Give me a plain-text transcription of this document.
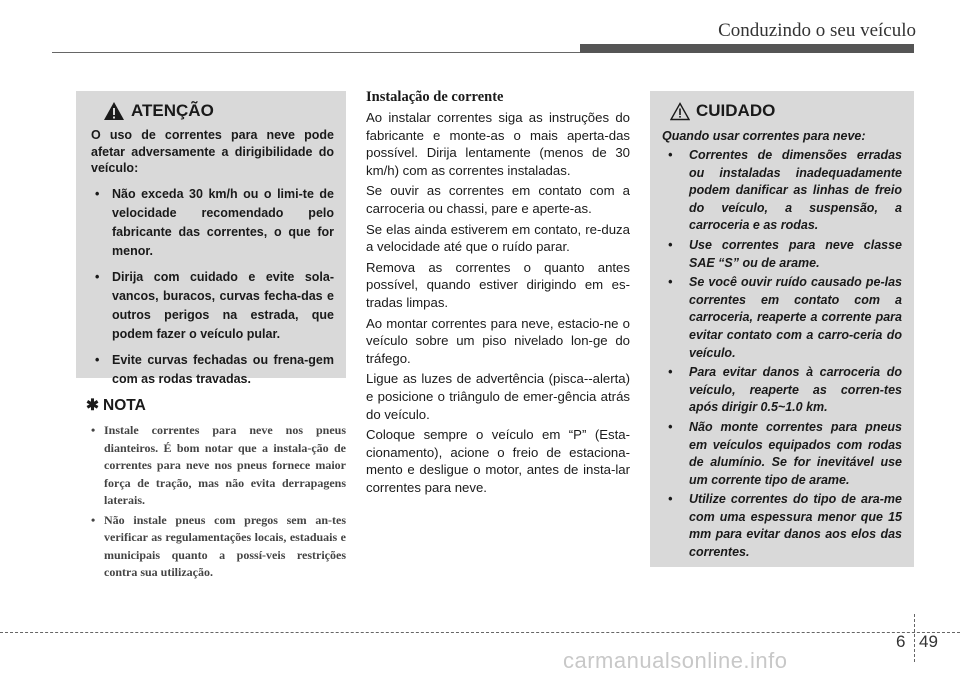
Conduzindo o seu veículo
ATENÇÃO
O uso de correntes para neve pode afetar adversamente a dirigibilidade do veículo:
• Não exceda 30 km/h ou o limi-te de velocidade recomendado pelo fabricante das correntes, o que for menor.
• Dirija com cuidado e evite sola-vancos, buracos, curvas fecha-das e outros perigos na estrada, que podem fazer o veículo pular.
• Evite curvas fechadas ou frena-gem com as rodas travadas.
✱ NOTA
• Instale correntes para neve nos pneus dianteiros. É bom notar que a instala-ção de correntes para neve nos pneus fornece maior força de tração, mas não evita derrapagens laterais.
• Não instale pneus com pregos sem an-tes verificar as regulamentações locais, estaduais e municipais quanto a possí-veis restrições contra sua utilização.
Instalação de corrente

Ao instalar correntes siga as instruções do fabricante e monte-as o mais aperta-das possível. Dirija lentamente (menos de 30 km/h) com as correntes instaladas.

Se ouvir as correntes em contato com a carroceria ou chassi, pare e aperte-as.

Se elas ainda estiverem em contato, re-duza a velocidade até que o ruído parar.

Remova as correntes o quanto antes possível, quando estiver dirigindo em es-tradas limpas.

Ao montar correntes para neve, estacio-ne o veículo sobre um piso nivelado lon-ge do tráfego.

Ligue as luzes de advertência (pisca--alerta) e posicione o triângulo de emer-gência atrás do veículo.

Coloque sempre o veículo em “P” (Esta-cionamento), acione o freio de estaciona-mento e desligue o motor, antes de insta-lar correntes para neve.

CUIDADO
Quando usar correntes para neve:
• Correntes de dimensões erradas ou instaladas inadequadamente podem danificar as linhas de freio do veículo, a suspensão, a carroceria e as rodas.
• Use correntes para neve classe SAE “S” ou de arame.
• Se você ouvir ruído causado pe-las correntes em contato com a carroceria, reaperte a corrente para evitar contato com a carro-ceria do veículo.
• Para evitar danos à carroceria do veículo, reaperte as corren-tes após dirigir 0.5~1.0 km.
• Não monte correntes para pneus em veículos equipados com rodas de alumínio. Se for inevitável use um corrente tipo de arame.
• Utilize correntes do tipo de ara-me com uma espessura menor que 15 mm para evitar danos aos elos das correntes.
6 49
carmanualsonline.info
